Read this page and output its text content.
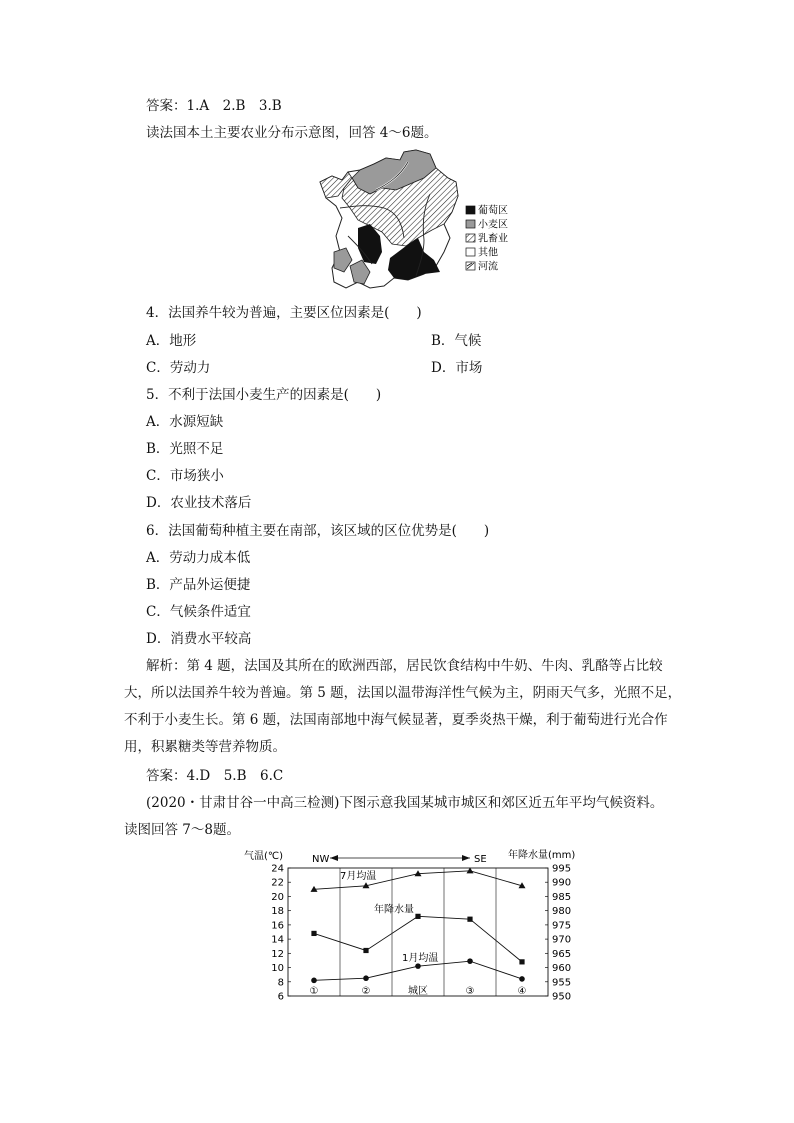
答案：1.A　2.B　3.B
读法国本土主要农业分布示意图，回答 4～6题。
葡萄区
小麦区
乳畜业
其他
河流
4．法国养牛较为普遍，主要区位因素是(　　)
A．地形	B．气候
C．劳动力	D．市场
5．不利于法国小麦生产的因素是(　　)
A．水源短缺
B．光照不足
C．市场狭小
D．农业技术落后
6．法国葡萄种植主要在南部，该区域的区位优势是(　　)
A．劳动力成本低
B．产品外运便捷
C．气候条件适宜
D．消费水平较高
解析：第 4 题，法国及其所在的欧洲西部，居民饮食结构中牛奶、牛肉、乳酪等占比较
大，所以法国养牛较为普遍。第 5 题，法国以温带海洋性气候为主，阴雨天气多，光照不足，
不利于小麦生长。第 6 题，法国南部地中海气候显著，夏季炎热干燥，利于葡萄进行光合作
用，积累糖类等营养物质。
答案：4.D　5.B　6.C
(2020・甘肃甘谷一中高三检测)下图示意我国某城市城区和郊区近五年平均气候资料。
读图回答 7～8题。
气温(℃)	年降水量(mm)
NW	SE
6
8
10
12
14
16
18
20
22
24
950
955
960
965
970
975
980
985
990
995
①	②	城区	③	④
7月均温
年降水量
1月均温
